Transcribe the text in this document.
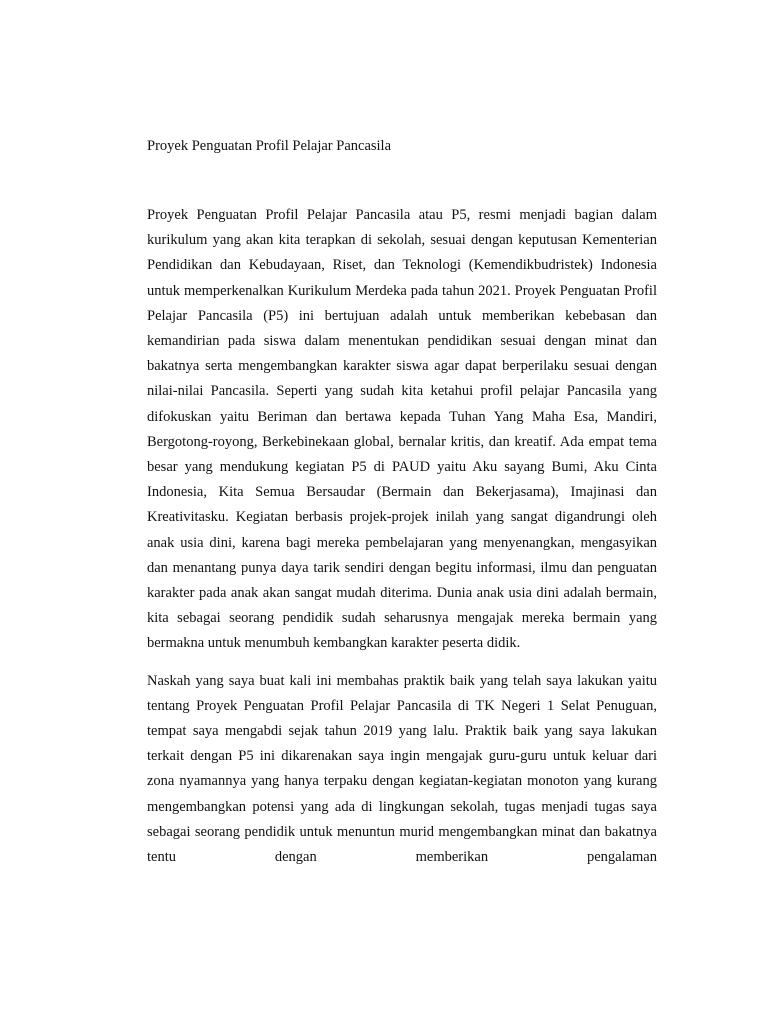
Proyek Penguatan Profil Pelajar Pancasila

Proyek Penguatan Profil Pelajar Pancasila atau P5, resmi menjadi bagian dalam kurikulum yang akan kita terapkan di sekolah, sesuai dengan keputusan Kementerian Pendidikan dan Kebudayaan, Riset, dan Teknologi (Kemendikbudristek) Indonesia untuk memperkenalkan Kurikulum Merdeka pada tahun 2021. Proyek Penguatan Profil Pelajar Pancasila (P5) ini bertujuan adalah untuk memberikan kebebasan dan kemandirian pada siswa dalam menentukan pendidikan sesuai dengan minat dan bakatnya serta mengembangkan karakter siswa agar dapat berperilaku sesuai dengan nilai-nilai Pancasila. Seperti yang sudah kita ketahui profil pelajar Pancasila yang difokuskan yaitu Beriman dan bertawa kepada Tuhan Yang Maha Esa, Mandiri, Bergotong-royong, Berkebinekaan global, bernalar kritis, dan kreatif. Ada empat tema besar yang mendukung kegiatan P5 di PAUD yaitu Aku sayang Bumi, Aku Cinta Indonesia, Kita Semua Bersaudar (Bermain dan Bekerjasama), Imajinasi dan Kreativitasku. Kegiatan berbasis projek-projek inilah yang sangat digandrungi oleh anak usia dini, karena bagi mereka pembelajaran yang menyenangkan, mengasyikan dan menantang punya daya tarik sendiri dengan begitu informasi, ilmu dan penguatan karakter pada anak akan sangat mudah diterima. Dunia anak usia dini adalah bermain, kita sebagai seorang pendidik sudah seharusnya mengajak mereka bermain yang bermakna untuk menumbuh kembangkan karakter peserta didik.

Naskah yang saya buat kali ini membahas praktik baik yang telah saya lakukan yaitu tentang Proyek Penguatan Profil Pelajar Pancasila di TK Negeri 1 Selat Penuguan, tempat saya mengabdi sejak tahun 2019 yang lalu. Praktik baik yang saya lakukan terkait dengan P5 ini dikarenakan saya ingin mengajak guru-guru untuk keluar dari zona nyamannya yang hanya terpaku dengan kegiatan-kegiatan monoton yang kurang mengembangkan potensi yang ada di lingkungan sekolah, tugas menjadi tugas saya sebagai seorang pendidik untuk menuntun murid mengembangkan minat dan bakatnya tentu dengan memberikan pengalaman
